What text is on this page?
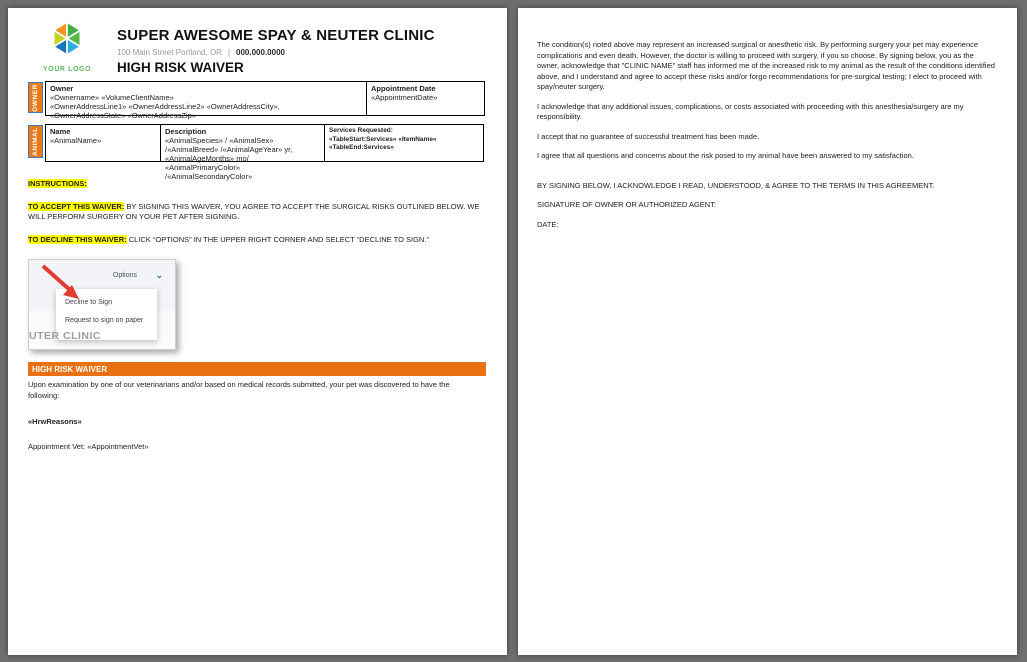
YOUR LOGO
SUPER AWESOME SPAY & NEUTER CLINIC
100 Main Street Portland, OR | 000.000.0000
HIGH RISK WAIVER
OWNER Owner
«Ownername» «VolumeClientName»
«OwnerAddressLine1» «OwnerAddressLine2» «OwnerAddressCity»,
«OwnerAddressState» «OwnerAddressZip»
Appointment Date
«AppointmentDate»
ANIMAL Name
«AnimalName»
Description
«AnimalSpecies» / «AnimalSex»
/«AnimalBreed» /«AnimalAgeYear» yr,
«AnimalAgeMonths» mo/
«AnimalPrimaryColor» /«AnimalSecondaryColor»
Services Requested:
«TableStart:Services» «ItemName»
«TableEnd:Services»
INSTRUCTIONS:
TO ACCEPT THIS WAIVER: BY SIGNING THIS WAIVER, YOU AGREE TO ACCEPT THE SURGICAL RISKS OUTLINED BELOW. WE WILL PERFORM SURGERY ON YOUR PET AFTER SIGNING.
TO DECLINE THIS WAIVER: CLICK “OPTIONS” IN THE UPPER RIGHT CORNER AND SELECT “DECLINE TO SIGN.”
Options ⌄
Decline to Sign
Request to sign on paper
UTER CLINIC
HIGH RISK WAIVER
Upon examination by one of our veterinarians and/or based on medical records submitted, your pet was discovered to have the following:
«HrwReasons»
Appointment Vet: «AppointmentVet»

The condition(s) noted above may represent an increased surgical or anesthetic risk. By performing surgery your pet may experience complications and even death. However, the doctor is willing to proceed with surgery, if you so choose. By signing below, you as the owner, acknowledge that "CLINIC NAME" staff has informed me of the increased risk to my animal as the result of the conditions identified above, and I understand and agree to accept these risks and/or forgo recommendations for pre-surgical testing; I elect to proceed with spay/neuter surgery.

I acknowledge that any additional issues, complications, or costs associated with proceeding with this anesthesia/surgery are my responsibility.

I accept that no guarantee of successful treatment has been made.

I agree that all questions and concerns about the risk posed to my animal have been answered to my satisfaction.

BY SIGNING BELOW, I ACKNOWLEDGE I READ, UNDERSTOOD, & AGREE TO THE TERMS IN THIS AGREEMENT.

SIGNATURE OF OWNER OR AUTHORIZED AGENT:

DATE:
